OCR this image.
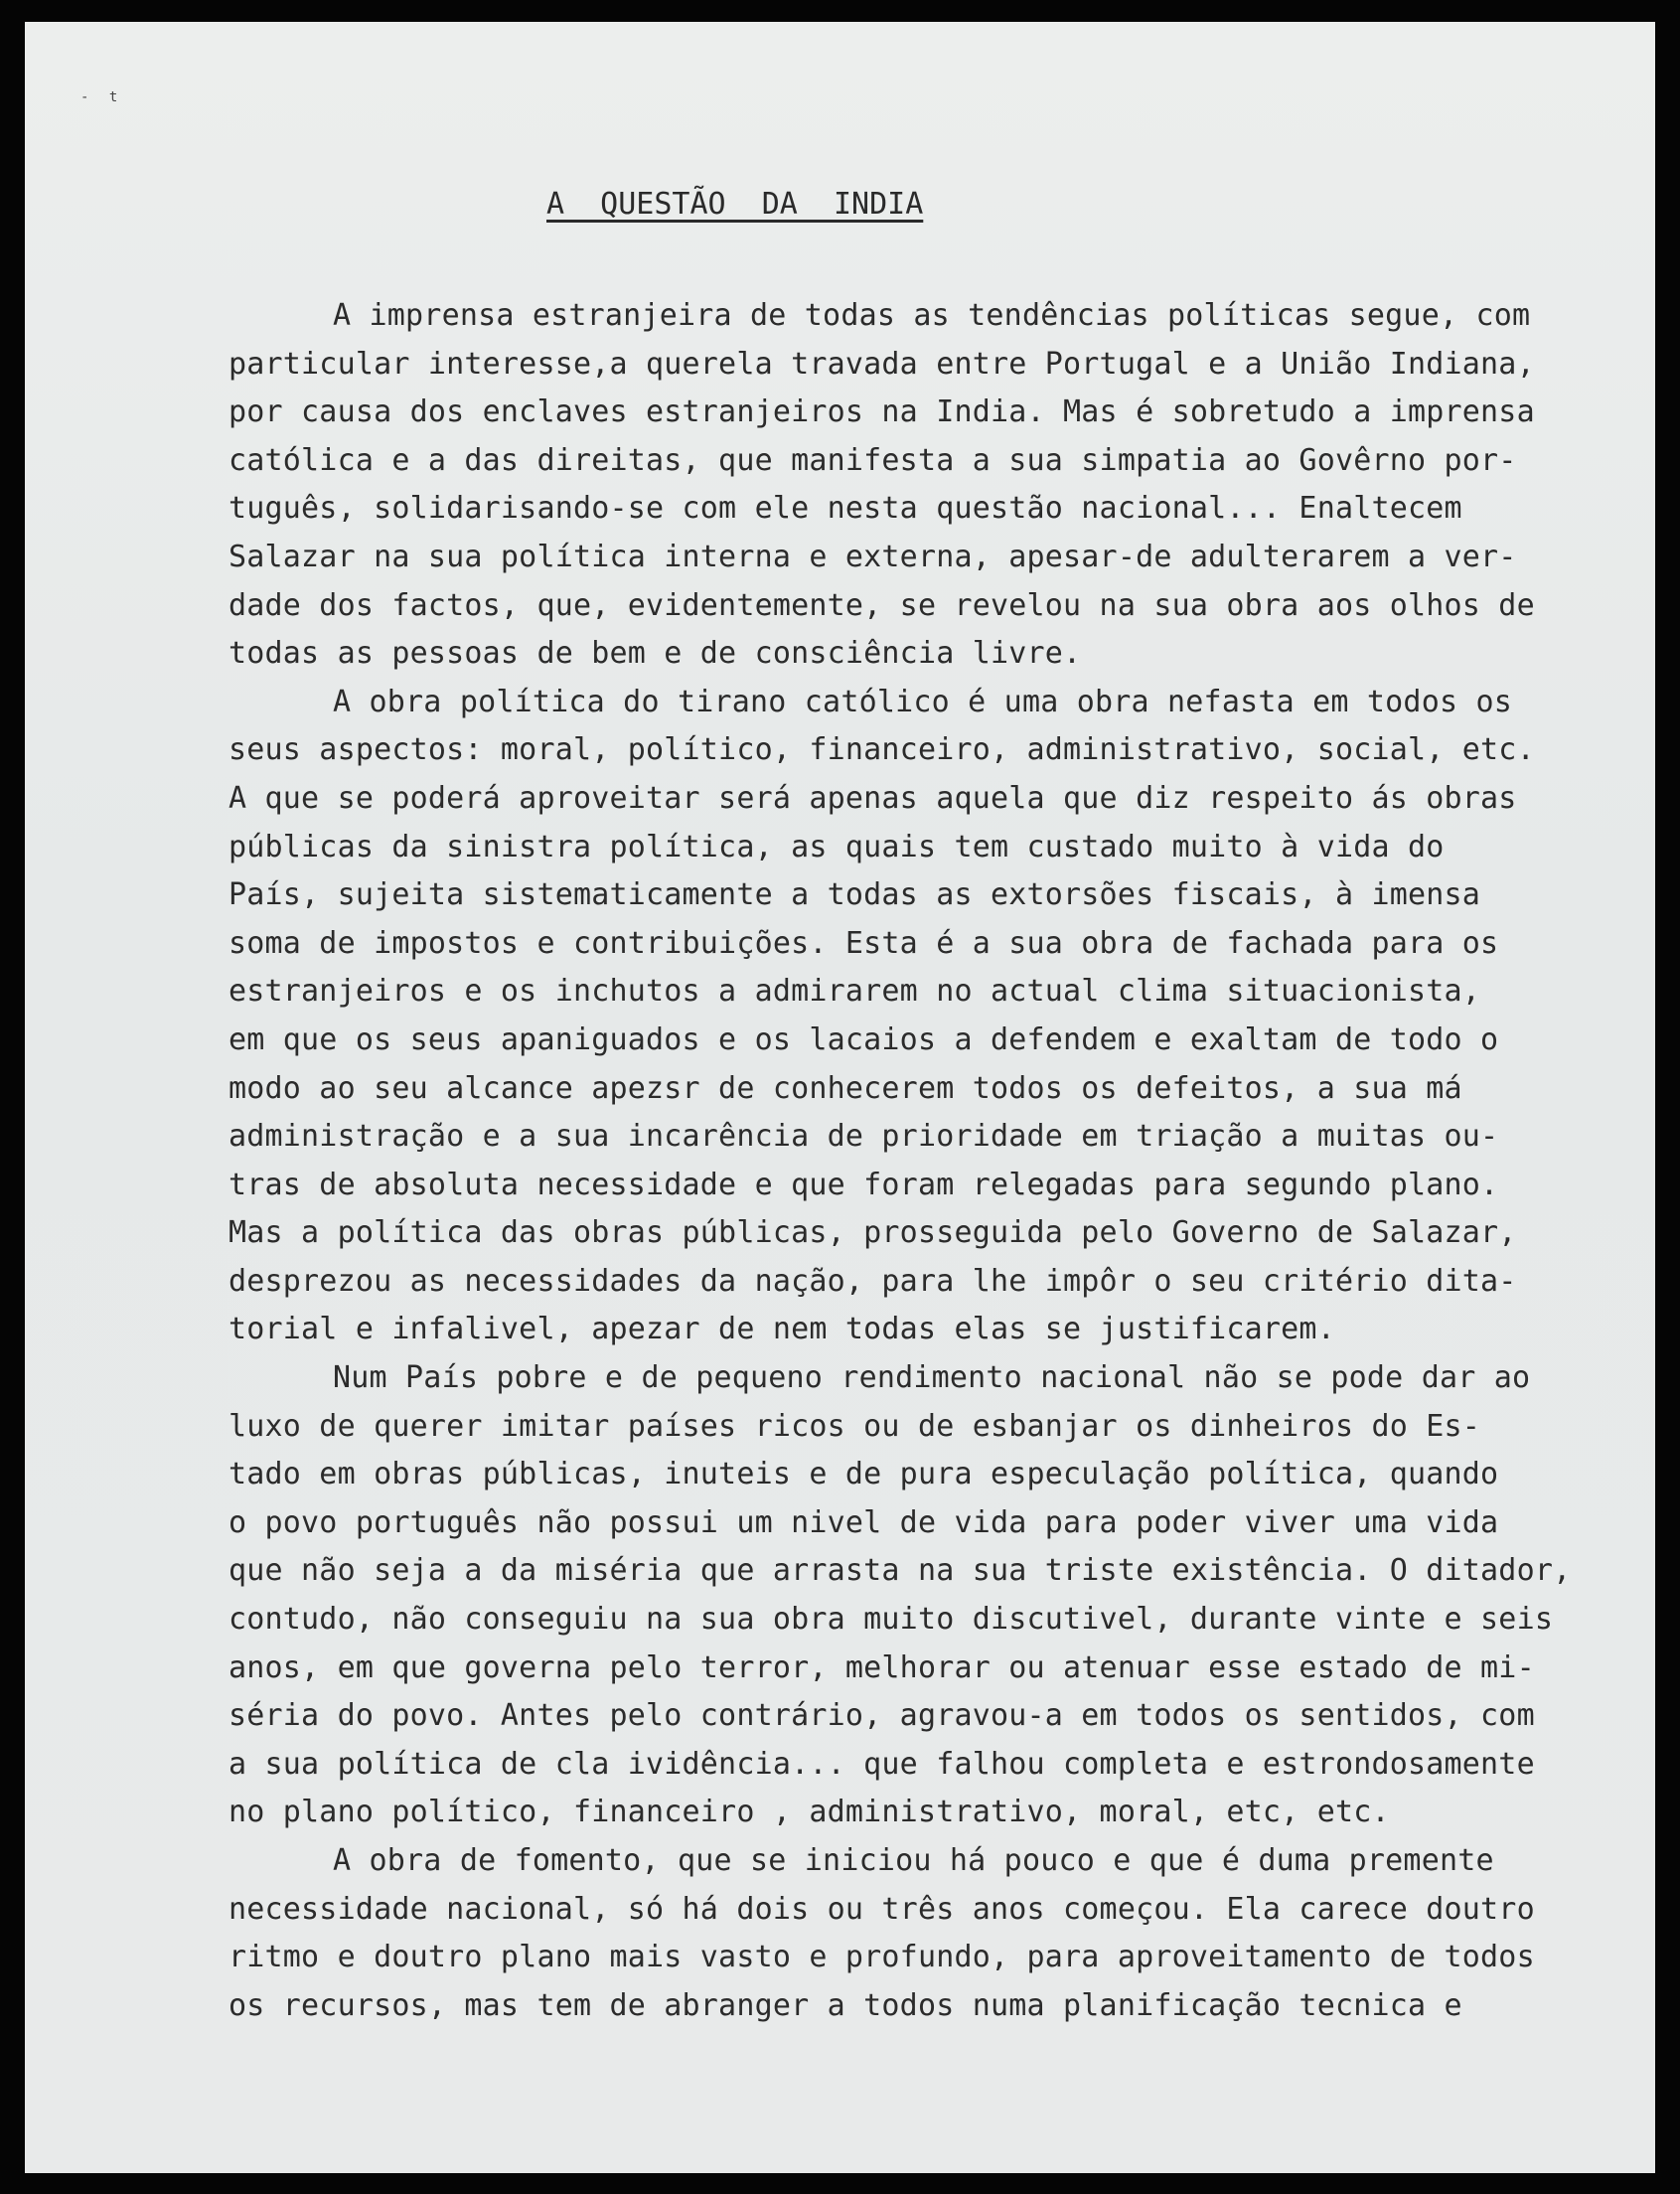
- t
A  QUESTÃO  DA  INDIA
A imprensa estranjeira de todas as tendências políticas segue, com
particular interesse,a querela travada entre Portugal e a União Indiana,
por causa dos enclaves estranjeiros na India. Mas é sobretudo a imprensa
católica e a das direitas, que manifesta a sua simpatia ao Govêrno por-
tuguês, solidarisando-se com ele nesta questão nacional... Enaltecem
Salazar na sua política interna e externa, apesar-de adulterarem a ver-
dade dos factos, que, evidentemente, se revelou na sua obra aos olhos de
todas as pessoas de bem e de consciência livre.
A obra política do tirano católico é uma obra nefasta em todos os
seus aspectos: moral, político, financeiro, administrativo, social, etc.
A que se poderá aproveitar será apenas aquela que diz respeito ás obras
públicas da sinistra política, as quais tem custado muito à vida do
País, sujeita sistematicamente a todas as extorsões fiscais, à imensa
soma de impostos e contribuições. Esta é a sua obra de fachada para os
estranjeiros e os inchutos a admirarem no actual clima situacionista,
em que os seus apaniguados e os lacaios a defendem e exaltam de todo o
modo ao seu alcance apezsr de conhecerem todos os defeitos, a sua má
administração e a sua incarência de prioridade em triação a muitas ou-
tras de absoluta necessidade e que foram relegadas para segundo plano.
Mas a política das obras públicas, prosseguida pelo Governo de Salazar,
desprezou as necessidades da nação, para lhe impôr o seu critério dita-
torial e infalivel, apezar de nem todas elas se justificarem.
Num País pobre e de pequeno rendimento nacional não se pode dar ao
luxo de querer imitar países ricos ou de esbanjar os dinheiros do Es-
tado em obras públicas, inuteis e de pura especulação política, quando
o povo português não possui um nivel de vida para poder viver uma vida
que não seja a da miséria que arrasta na sua triste existência. O ditador,
contudo, não conseguiu na sua obra muito discutivel, durante vinte e seis
anos, em que governa pelo terror, melhorar ou atenuar esse estado de mi-
séria do povo. Antes pelo contrário, agravou-a em todos os sentidos, com
a sua política de cla ividência... que falhou completa e estrondosamente
no plano político, financeiro , administrativo, moral, etc, etc.
A obra de fomento, que se iniciou há pouco e que é duma premente
necessidade nacional, só há dois ou três anos começou. Ela carece doutro
ritmo e doutro plano mais vasto e profundo, para aproveitamento de todos
os recursos, mas tem de abranger a todos numa planificação tecnica e
